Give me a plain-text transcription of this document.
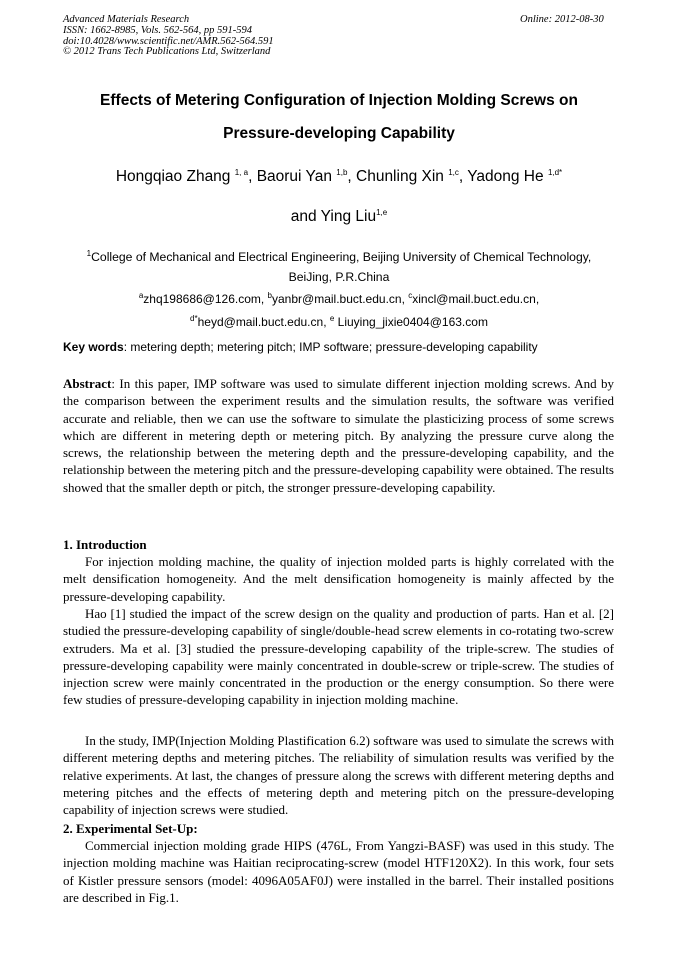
Advanced Materials Research
ISSN: 1662-8985, Vols. 562-564, pp 591-594
doi:10.4028/www.scientific.net/AMR.562-564.591
© 2012 Trans Tech Publications Ltd, Switzerland
Online: 2012-08-30
Effects of Metering Configuration of Injection Molding Screws on
Pressure-developing Capability
Hongqiao Zhang $^{1, a}$, Baorui Yan $^{1,b}$, Chunling Xin $^{1,c}$, Yadong He $^{1,d*}$
and Ying Liu$^{1,e}$
$^1$College of Mechanical and Electrical Engineering, Beijing University of Chemical Technology,
BeiJing, P.R.China
$^a$zhq198686@126.com, $^b$yanbr@mail.buct.edu.cn, $^c$xincl@mail.buct.edu.cn,
$^{d*}$heyd@mail.buct.edu.cn, $^e$ Liuying_jixie0404@163.com
Key words: metering depth; metering pitch; IMP software; pressure-developing capability

Abstract: In this paper, IMP software was used to simulate different injection molding screws. And by the comparison between the experiment results and the simulation results, the software was verified accurate and reliable, then we can use the software to simulate the plasticizing process of some screws which are different in metering depth or metering pitch. By analyzing the pressure curve along the screws, the relationship between the metering depth and the pressure-developing capability, and the relationship between the metering pitch and the pressure-developing capability were obtained. The results showed that the smaller depth or pitch, the stronger pressure-developing capability.

1. Introduction

For injection molding machine, the quality of injection molded parts is highly correlated with the melt densification homogeneity. And the melt densification homogeneity is mainly affected by the pressure-developing capability.

Hao [1] studied the impact of the screw design on the quality and production of parts. Han et al. [2] studied the pressure-developing capability of single/double-head screw elements in co-rotating two-screw extruders. Ma et al. [3] studied the pressure-developing capability of the triple-screw. The studies of pressure-developing capability were mainly concentrated in double-screw or triple-screw. The studies of injection screw were mainly concentrated in the production or the energy consumption. So there were few studies of pressure-developing capability in injection molding machine.

In the study, IMP(Injection Molding Plastification 6.2) software was used to simulate the screws with different metering depths and metering pitches. The reliability of simulation results was verified by the relative experiments. At last, the changes of pressure along the screws with different metering depths and metering pitches and the effects of metering depth and metering pitch on the pressure-developing capability of injection screws were studied.

2. Experimental Set-Up:

Commercial injection molding grade HIPS (476L, From Yangzi-BASF) was used in this study. The injection molding machine was Haitian reciprocating-screw (model HTF120X2). In this work, four sets of Kistler pressure sensors (model: 4096A05AF0J) were installed in the barrel. Their installed positions are described in Fig.1.
